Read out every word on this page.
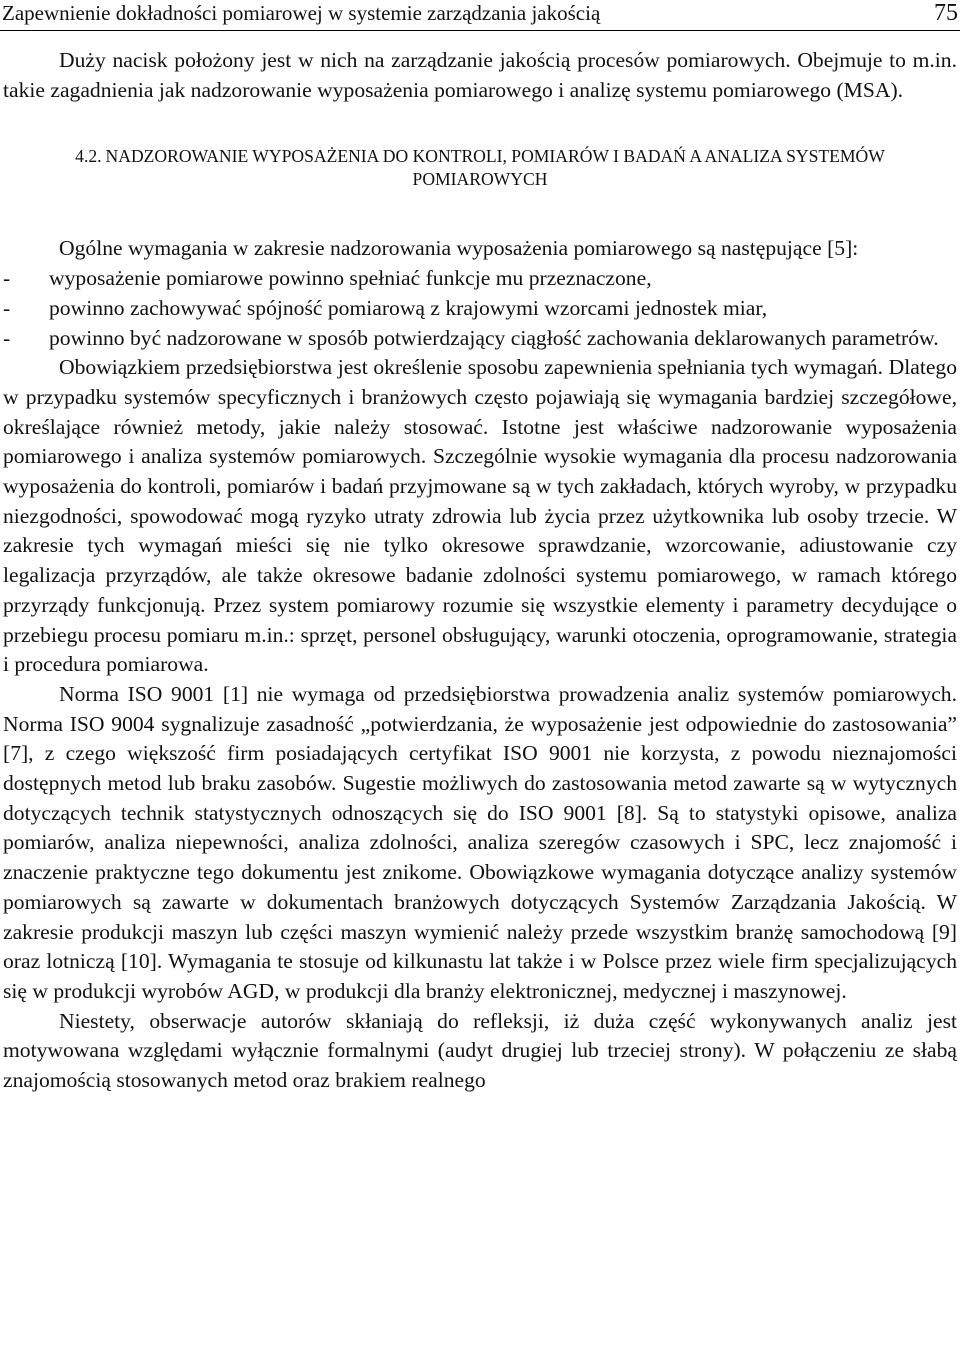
Zapewnienie dokładności pomiarowej w systemie zarządzania jakością	75

Duży nacisk położony jest w nich na zarządzanie jakością procesów pomiarowych. Obejmuje to m.in. takie zagadnienia jak nadzorowanie wyposażenia pomiarowego i analizę systemu pomiarowego (MSA).

4.2. NADZOROWANIE WYPOSAŻENIA DO KONTROLI, POMIARÓW I BADAŃ A ANALIZA SYSTEMÓW POMIAROWYCH

Ogólne wymagania w zakresie nadzorowania wyposażenia pomiarowego są następujące [5]:

- wyposażenie pomiarowe powinno spełniać funkcje mu przeznaczone,
- powinno zachowywać spójność pomiarową z krajowymi wzorcami jednostek miar,
- powinno być nadzorowane w sposób potwierdzający ciągłość zachowania deklarowanych parametrów.

Obowiązkiem przedsiębiorstwa jest określenie sposobu zapewnienia spełniania tych wymagań. Dlatego w przypadku systemów specyficznych i branżowych często pojawiają się wymagania bardziej szczegółowe, określające również metody, jakie należy stosować. Istotne jest właściwe nadzorowanie wyposażenia pomiarowego i analiza systemów pomiarowych. Szczególnie wysokie wymagania dla procesu nadzorowania wyposażenia do kontroli, pomiarów i badań przyjmowane są w tych zakładach, których wyroby, w przypadku niezgodności, spowodować mogą ryzyko utraty zdrowia lub życia przez użytkownika lub osoby trzecie. W zakresie tych wymagań mieści się nie tylko okresowe sprawdzanie, wzorcowanie, adiustowanie czy legalizacja przyrządów, ale także okresowe badanie zdolności systemu pomiarowego, w ramach którego przyrządy funkcjonują. Przez system pomiarowy rozumie się wszystkie elementy i parametry decydujące o przebiegu procesu pomiaru m.in.: sprzęt, personel obsługujący, warunki otoczenia, oprogramowanie, strategia i procedura pomiarowa.

Norma ISO 9001 [1] nie wymaga od przedsiębiorstwa prowadzenia analiz systemów pomiarowych. Norma ISO 9004 sygnalizuje zasadność „potwierdzania, że wyposażenie jest odpowiednie do zastosowania” [7], z czego większość firm posiadających certyfikat ISO 9001 nie korzysta, z powodu nieznajomości dostępnych metod lub braku zasobów. Sugestie możliwych do zastosowania metod zawarte są w wytycznych dotyczących technik statystycznych odnoszących się do ISO 9001 [8]. Są to statystyki opisowe, analiza pomiarów, analiza niepewności, analiza zdolności, analiza szeregów czasowych i SPC, lecz znajomość i znaczenie praktyczne tego dokumentu jest znikome. Obowiązkowe wymagania dotyczące analizy systemów pomiarowych są zawarte w dokumentach branżowych dotyczących Systemów Zarządzania Jakością. W zakresie produkcji maszyn lub części maszyn wymienić należy przede wszystkim branżę samochodową [9] oraz lotniczą [10]. Wymagania te stosuje od kilkunastu lat także i w Polsce przez wiele firm specjalizujących się w produkcji wyrobów AGD, w produkcji dla branży elektronicznej, medycznej i maszynowej.

Niestety, obserwacje autorów skłaniają do refleksji, iż duża część wykonywanych analiz jest motywowana względami wyłącznie formalnymi (audyt drugiej lub trzeciej strony). W połączeniu ze słabą znajomością stosowanych metod oraz brakiem realnego
